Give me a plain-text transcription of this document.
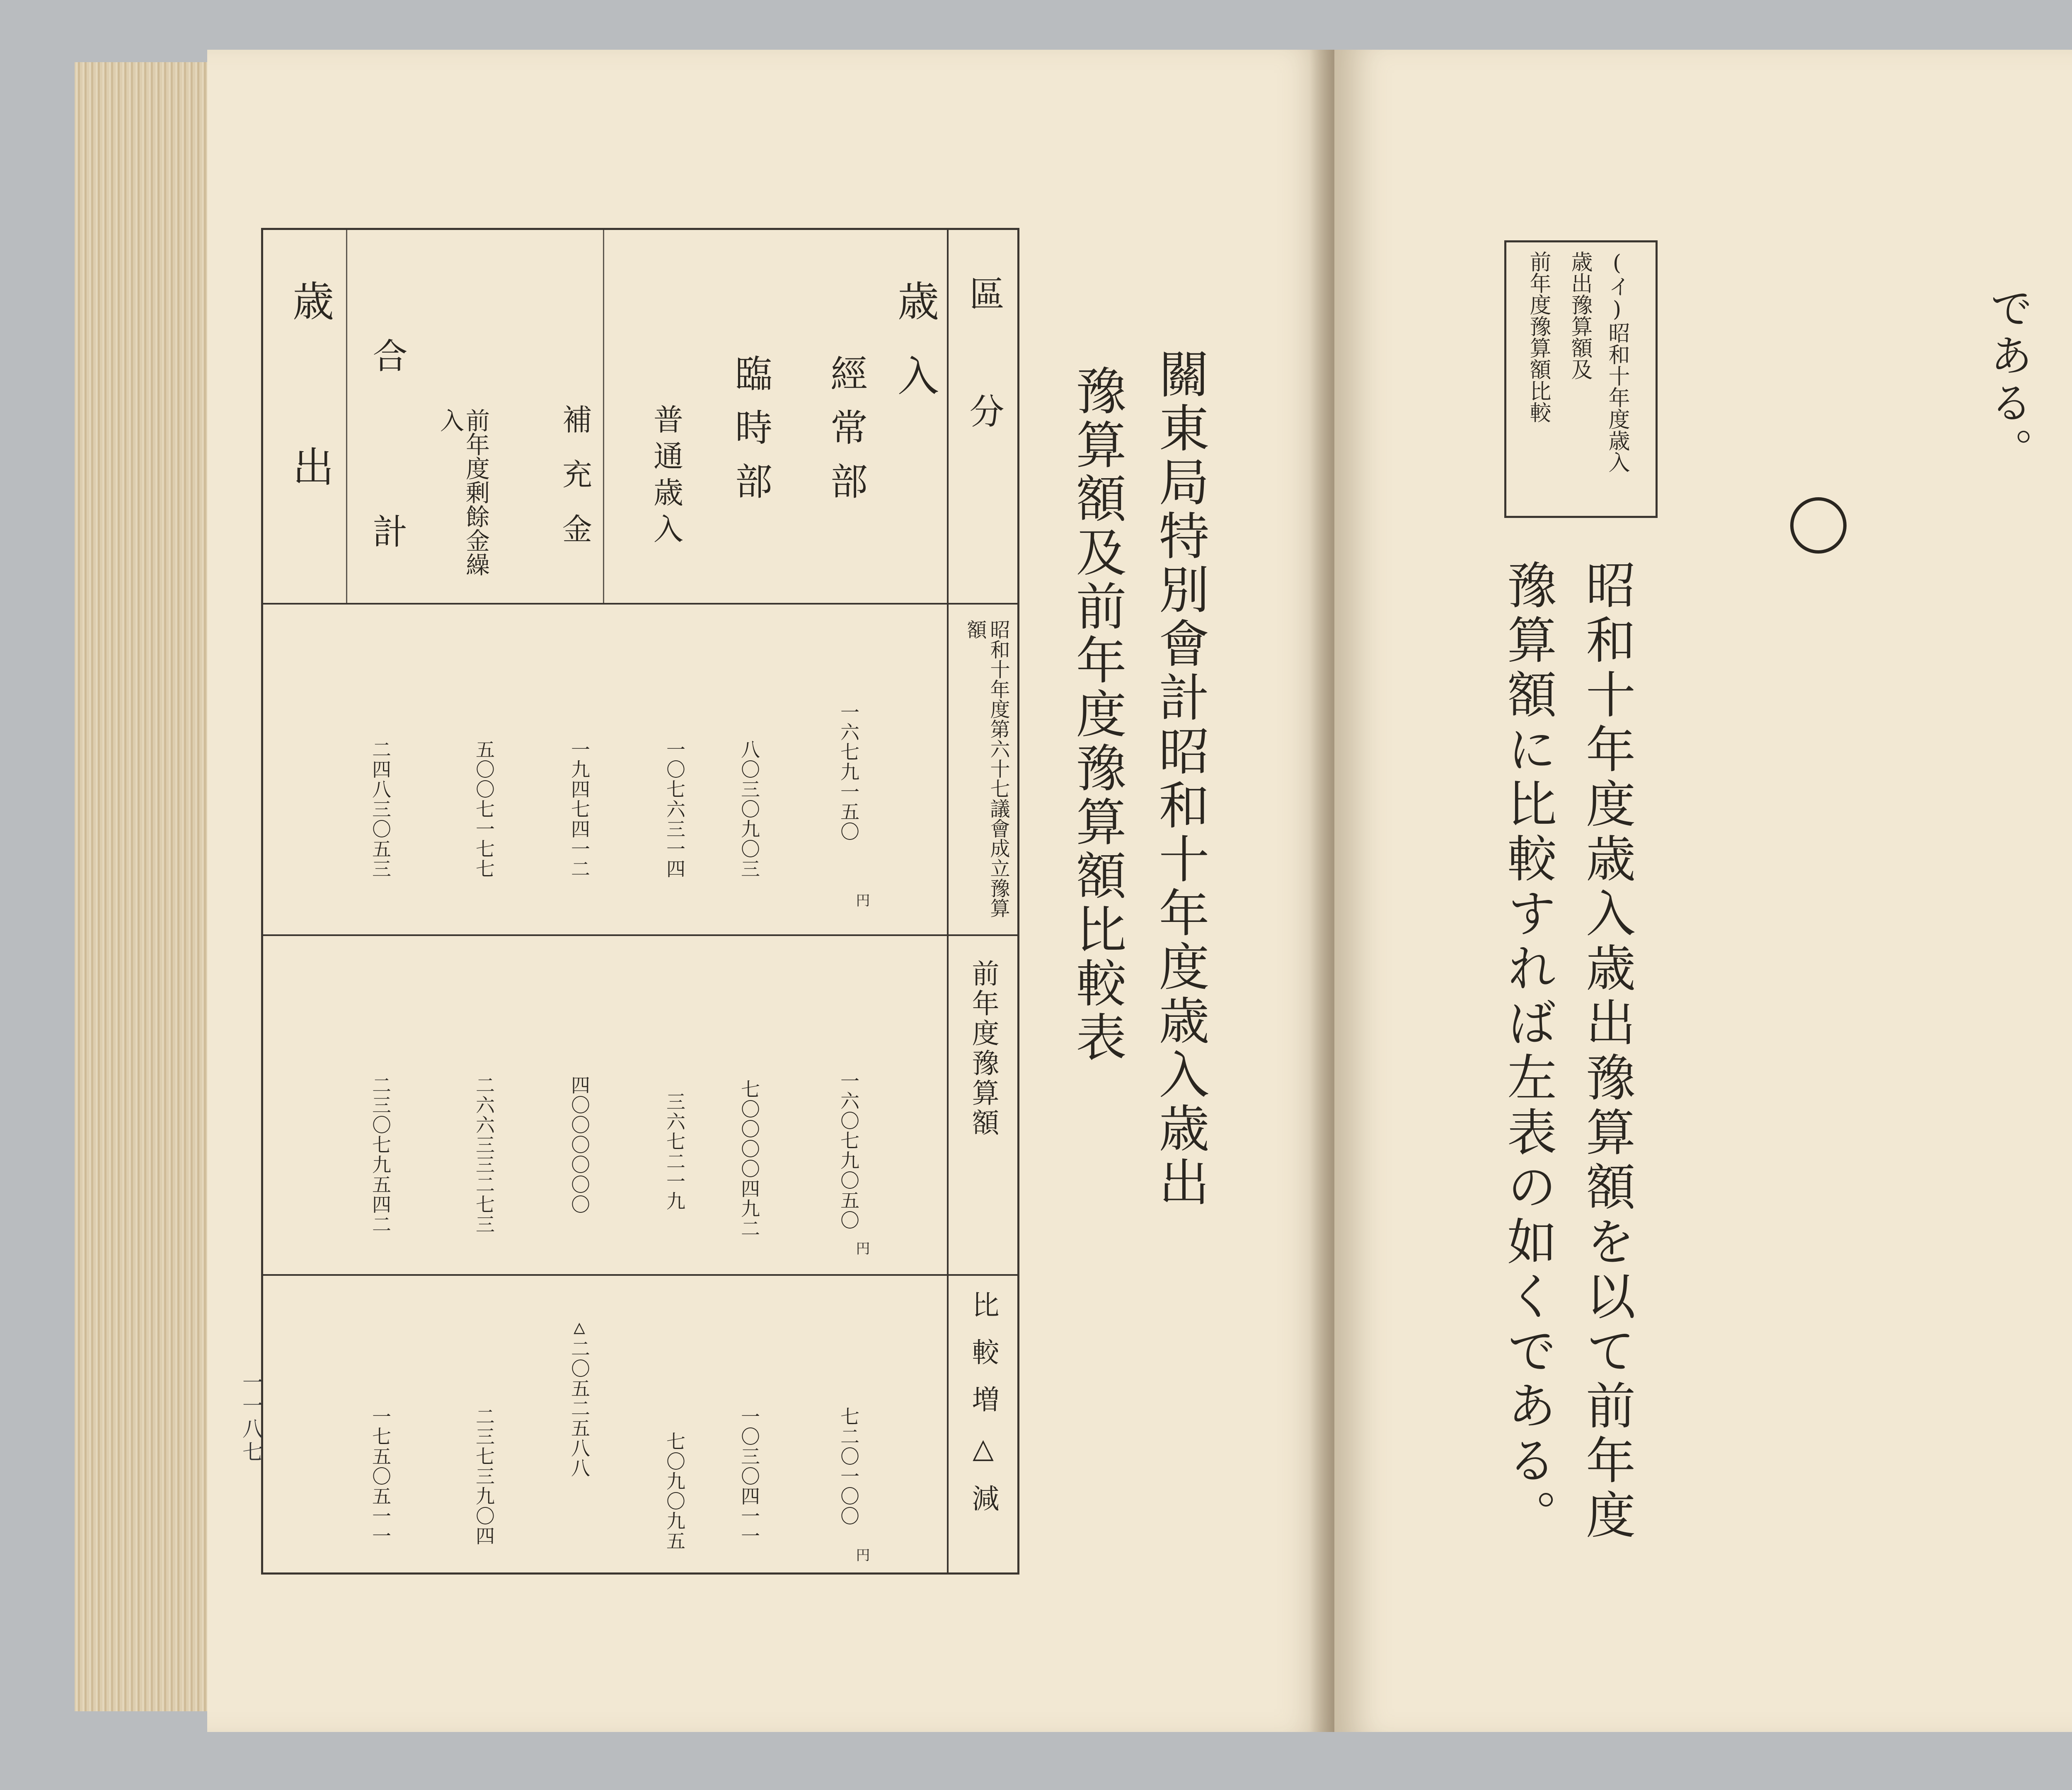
關東局特別會計昭和十年度歳入歳出
豫算額及前年度豫算額比較表
區分
昭和十年度第六十七議會成立豫算額
前年度豫算額
比較増△減
歳入
經常部
臨時部
普通歳入
補充金
前年度剰餘金繰入
合計
歳出
一六七九一五〇
円
八〇三〇九〇三
一〇七六三一四
一九四七四一二
五〇〇七一七七
二四八三〇五三
一六〇七九〇五〇
円
七〇〇〇〇四九二
三六七二一九
四〇〇〇〇〇〇
二六六三三二七三
二三〇七九五四二
七二〇一〇〇
円
一〇三〇四一一
七〇九〇九五
△二〇五二五八八
二三七三九〇四
一七五〇五一一
一一八七
である。
(イ)昭和十年度歳入
歳出豫算額及
前年度豫算額比較
昭和十年度歳入歳出豫算額を以て前年度
豫算額に比較すれば左表の如くである。
